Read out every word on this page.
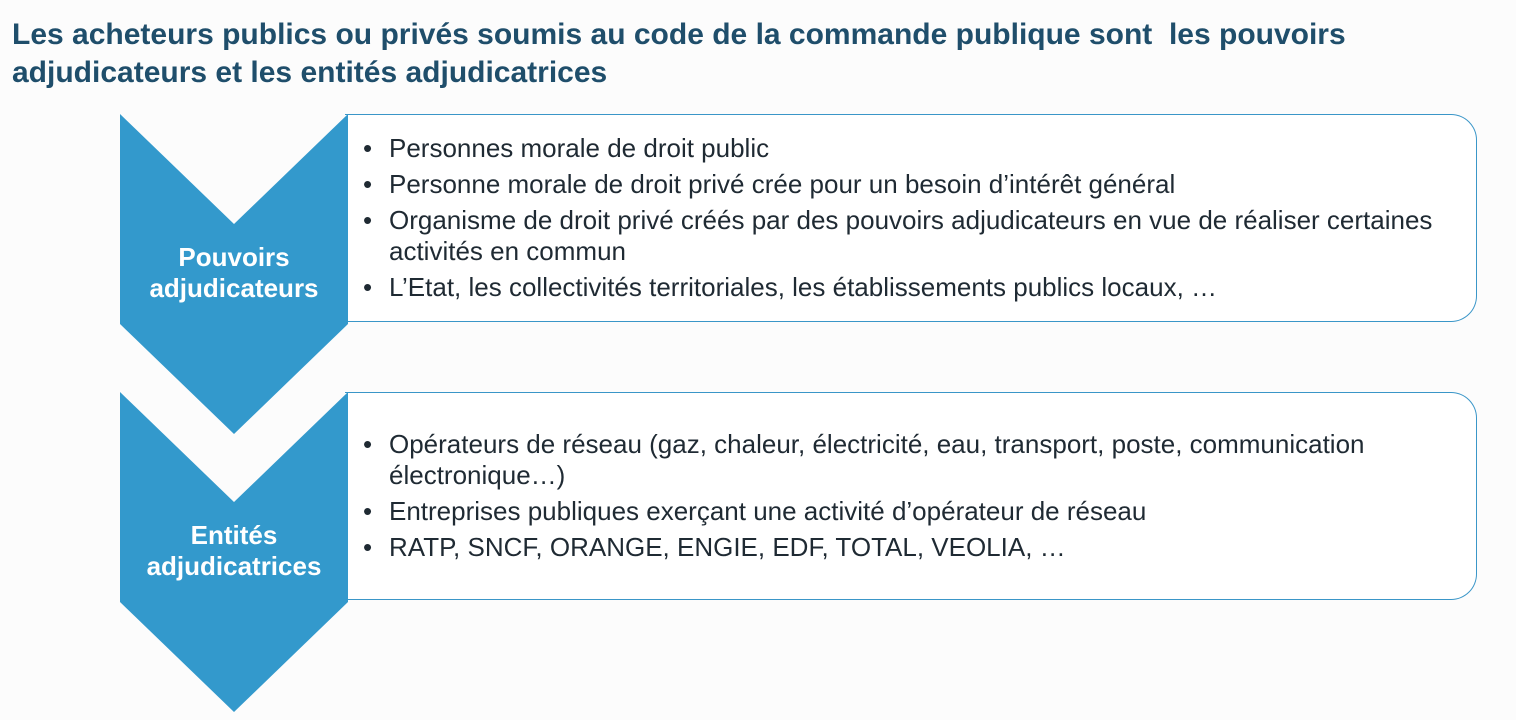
Les acheteurs publics ou privés soumis au code de la commande publique sont  les pouvoirs adjudicateurs et les entités adjudicatrices
• Personnes morale de droit public
• Personne morale de droit privé crée pour un besoin d’intérêt général
• Organisme de droit privé créés par des pouvoirs adjudicateurs en vue de réaliser certaines activités en commun
• L’Etat, les collectivités territoriales, les établissements publics locaux, …
Pouvoirs
adjudicateurs
• Opérateurs de réseau (gaz, chaleur, électricité, eau, transport, poste, communication électronique…)
• Entreprises publiques exerçant une activité d’opérateur de réseau
• RATP, SNCF, ORANGE, ENGIE, EDF, TOTAL, VEOLIA, …
Entités
adjudicatrices
